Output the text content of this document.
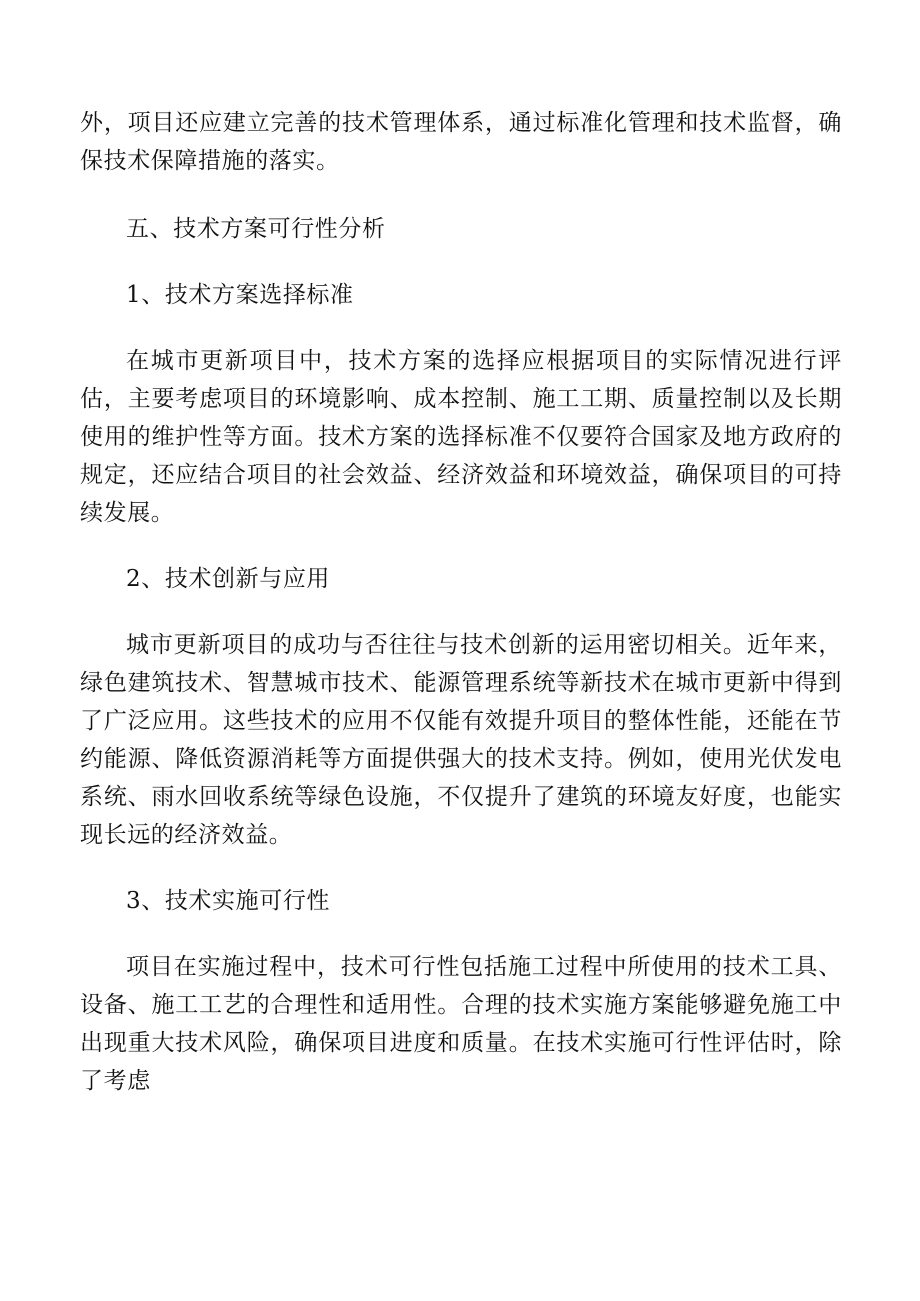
外，项目还应建立完善的技术管理体系，通过标准化管理和技术监督，确保技术保障措施的落实。

五、技术方案可行性分析

1、技术方案选择标准

在城市更新项目中，技术方案的选择应根据项目的实际情况进行评估，主要考虑项目的环境影响、成本控制、施工工期、质量控制以及长期使用的维护性等方面。技术方案的选择标准不仅要符合国家及地方政府的规定，还应结合项目的社会效益、经济效益和环境效益，确保项目的可持续发展。

2、技术创新与应用

城市更新项目的成功与否往往与技术创新的运用密切相关。近年来，绿色建筑技术、智慧城市技术、能源管理系统等新技术在城市更新中得到了广泛应用。这些技术的应用不仅能有效提升项目的整体性能，还能在节约能源、降低资源消耗等方面提供强大的技术支持。例如，使用光伏发电系统、雨水回收系统等绿色设施，不仅提升了建筑的环境友好度，也能实现长远的经济效益。

3、技术实施可行性

项目在实施过程中，技术可行性包括施工过程中所使用的技术工具、设备、施工工艺的合理性和适用性。合理的技术实施方案能够避免施工中出现重大技术风险，确保项目进度和质量。在技术实施可行性评估时，除了考虑
